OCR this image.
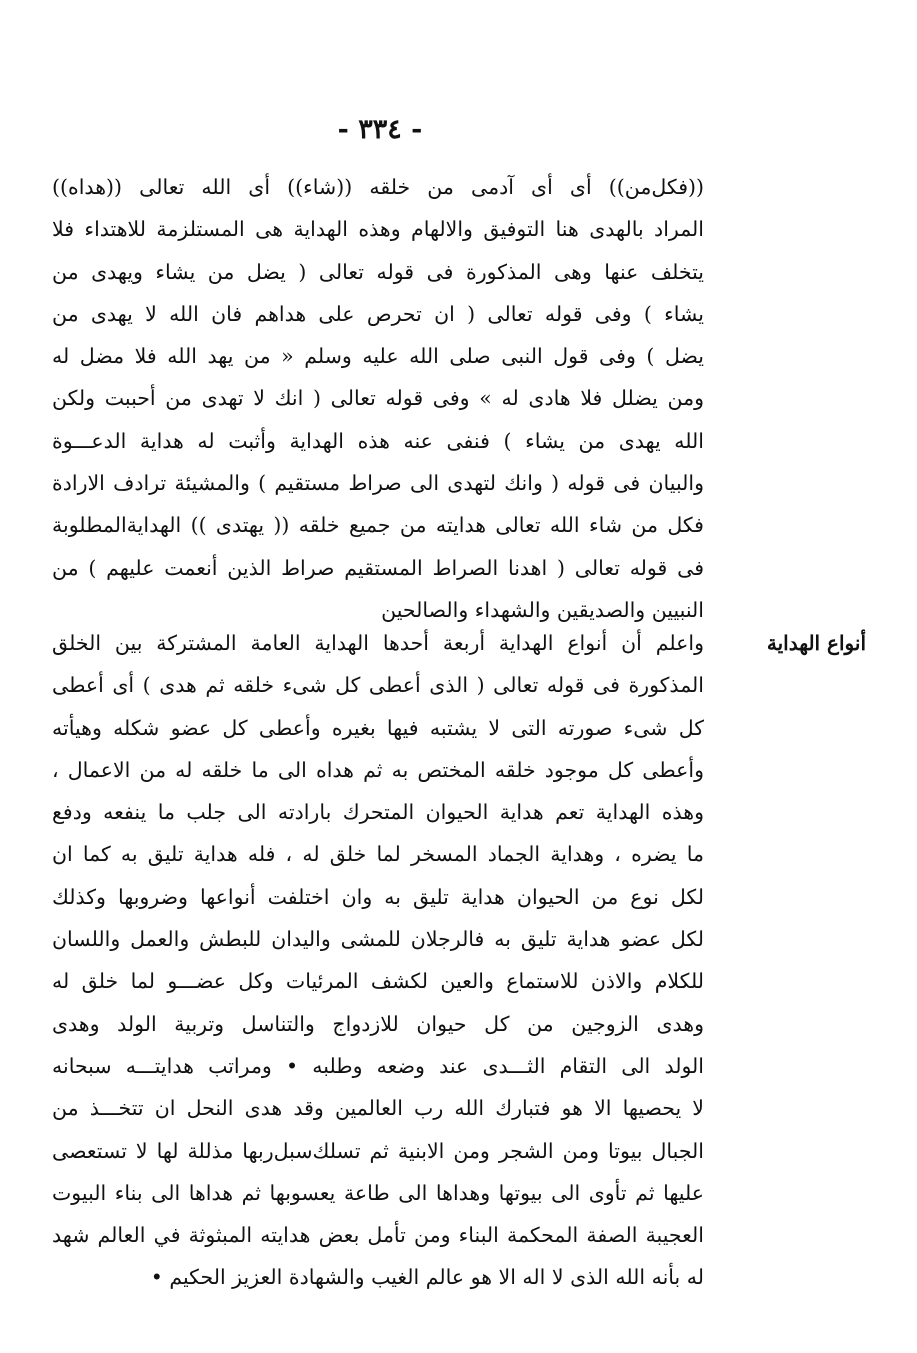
- ٣٣٤ -
((فكل‌من)) أى أى آدمى من خلقه ((شاء)) أى الله تعالى ((هداه))
المراد بالهدى هنا التوفيق والالهام وهذه الهداية هى المستلزمة للاهتداء فلا
يتخلف عنها وهى المذكورة فى قوله تعالى ( يضل من يشاء ويهدى من
يشاء ) وفى قوله تعالى ( ان تحرص على هداهم فان الله لا يهدى من
يضل ) وفى قول النبى صلى الله عليه وسلم « من يهد الله فلا مضل له
ومن يضلل فلا هادى له » وفى قوله تعالى ( انك لا تهدى من أحببت ولكن
الله يهدى من يشاء ) فنفى عنه هذه الهداية وأثبت له هداية الدعـــوة
والبيان فى قوله ( وانك لتهدى الى صراط مستقيم ) والمشيئة ترادف الارادة
فكل من شاء الله تعالى هدايته من جميع خلقه (( يهتدى )) الهداية‌المطلوبة
فى قوله تعالى ( اهدنا الصراط المستقيم صراط الذين أنعمت عليهم ) من
النبيين والصديقين والشهداء والصالحين
أنواع الهداية
واعلم أن أنواع الهداية أربعة أحدها الهداية العامة المشتركة بين الخلق
المذكورة فى قوله تعالى ( الذى أعطى كل شىء خلقه ثم هدى ) أى أعطى
كل شىء صورته التى لا يشتبه فيها بغيره وأعطى كل عضو شكله وهيأته
وأعطى كل موجود خلقه المختص به ثم هداه الى ما خلقه له من الاعمال ،
وهذه الهداية تعم هداية الحيوان المتحرك بارادته الى جلب ما ينفعه ودفع
ما يضره ، وهداية الجماد المسخر لما خلق له ، فله هداية تليق به كما ان
لكل نوع من الحيوان هداية تليق به وان اختلفت أنواعها وضروبها وكذلك
لكل عضو هداية تليق به فالرجلان للمشى واليدان للبطش والعمل واللسان
للكلام والاذن للاستماع والعين لكشف المرئيات وكل عضـــو لما خلق له
وهدى الزوجين من كل حيوان للازدواج والتناسل وتربية الولد وهدى
الولد الى التقام الثـــدى عند وضعه وطلبه • ومراتب هدايتـــه سبحانه
لا يحصيها الا هو فتبارك الله رب العالمين وقد هدى النحل ان تتخـــذ من
الجبال بيوتا ومن الشجر ومن الابنية ثم تسلك‌سبل‌ربها مذللة لها لا تستعصى
عليها ثم تأوى الى بيوتها وهداها الى طاعة يعسوبها ثم هداها الى بناء البيوت
العجيبة الصفة المحكمة البناء ومن تأمل بعض هدايته المبثوثة في العالم شهد
له بأنه الله الذى لا اله الا هو عالم الغيب والشهادة العزيز الحكيم •
